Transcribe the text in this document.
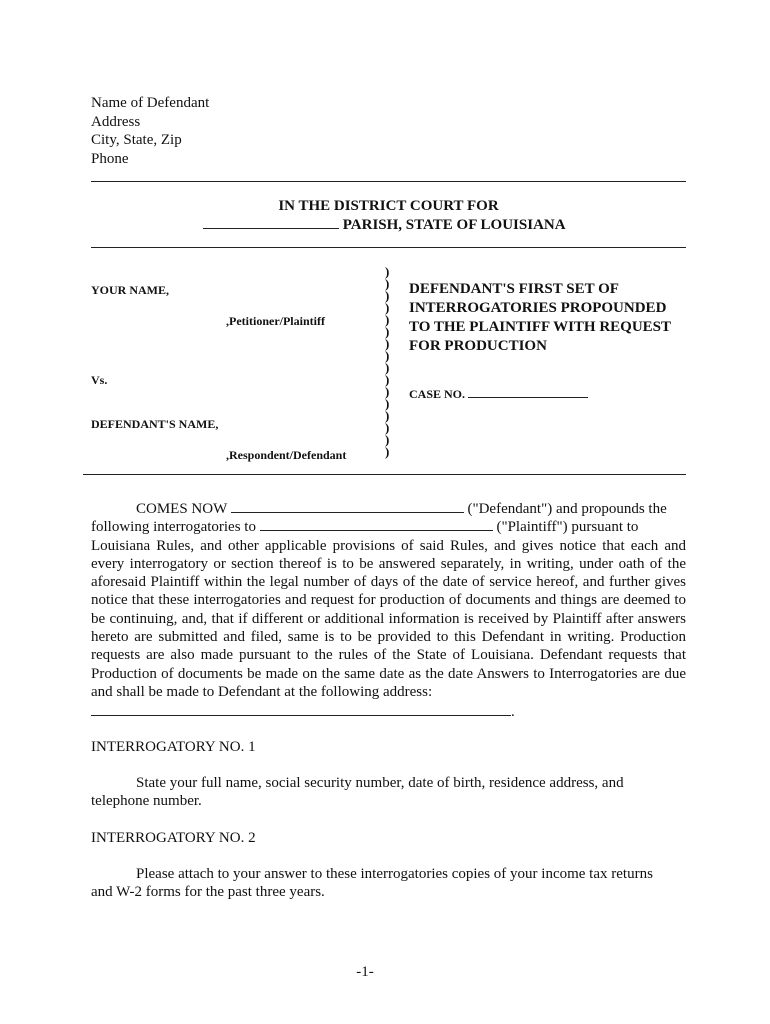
Name of Defendant
Address
City, State, Zip
Phone
IN THE DISTRICT COURT FOR
PARISH, STATE OF LOUISIANA
YOUR NAME,
,Petitioner/Plaintiff
Vs.
DEFENDANT'S NAME,
,Respondent/Defendant
)
)
)
)
)
)
)
)
)
)
)
)
)
)
)
)
DEFENDANT'S FIRST SET OF
INTERROGATORIES PROPOUNDED
TO THE PLAINTIFF WITH REQUEST
FOR PRODUCTION
CASE NO.
COMES NOW	("Defendant") and propounds the
following interrogatories to	("Plaintiff") pursuant to
Louisiana Rules, and other applicable provisions of said Rules, and gives notice that each and every interrogatory or section thereof is to be answered separately, in writing, under oath of the aforesaid Plaintiff within the legal number of days of the date of service hereof, and further gives notice that these interrogatories and request for production of documents and things are deemed to be continuing, and, that if different or additional information is received by Plaintiff after answers hereto are submitted and filed, same is to be provided to this Defendant in writing. Production requests are also made pursuant to the rules of the State of Louisiana. Defendant requests that Production of documents be made on the same date as the date Answers to Interrogatories are due and shall be made to Defendant at the following address:
.
INTERROGATORY NO. 1
State your full name, social security number, date of birth, residence address, and telephone number.
INTERROGATORY NO. 2
Please attach to your answer to these interrogatories copies of your income tax returns and W-2 forms for the past three years.
-1-
